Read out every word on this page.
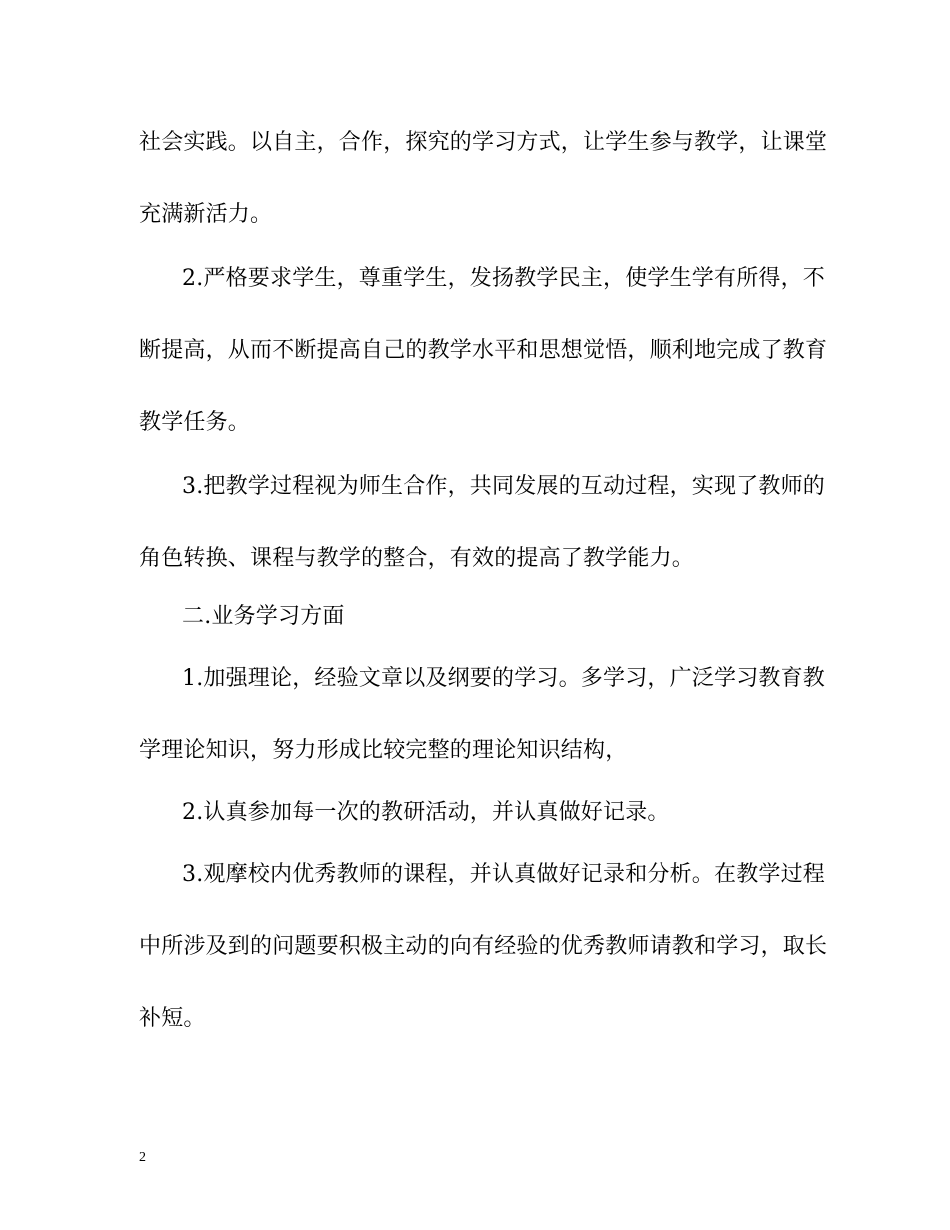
社会实践。以自主，合作，探究的学习方式，让学生参与教学，让课堂
充满新活力。
2.严格要求学生，尊重学生，发扬教学民主，使学生学有所得，不
断提高，从而不断提高自己的教学水平和思想觉悟，顺利地完成了教育
教学任务。
3.把教学过程视为师生合作，共同发展的互动过程，实现了教师的
角色转换、课程与教学的整合，有效的提高了教学能力。
二.业务学习方面
1.加强理论，经验文章以及纲要的学习。多学习，广泛学习教育教
学理论知识，努力形成比较完整的理论知识结构，
2.认真参加每一次的教研活动，并认真做好记录。
3.观摩校内优秀教师的课程，并认真做好记录和分析。在教学过程
中所涉及到的问题要积极主动的向有经验的优秀教师请教和学习，取长
补短。
2
